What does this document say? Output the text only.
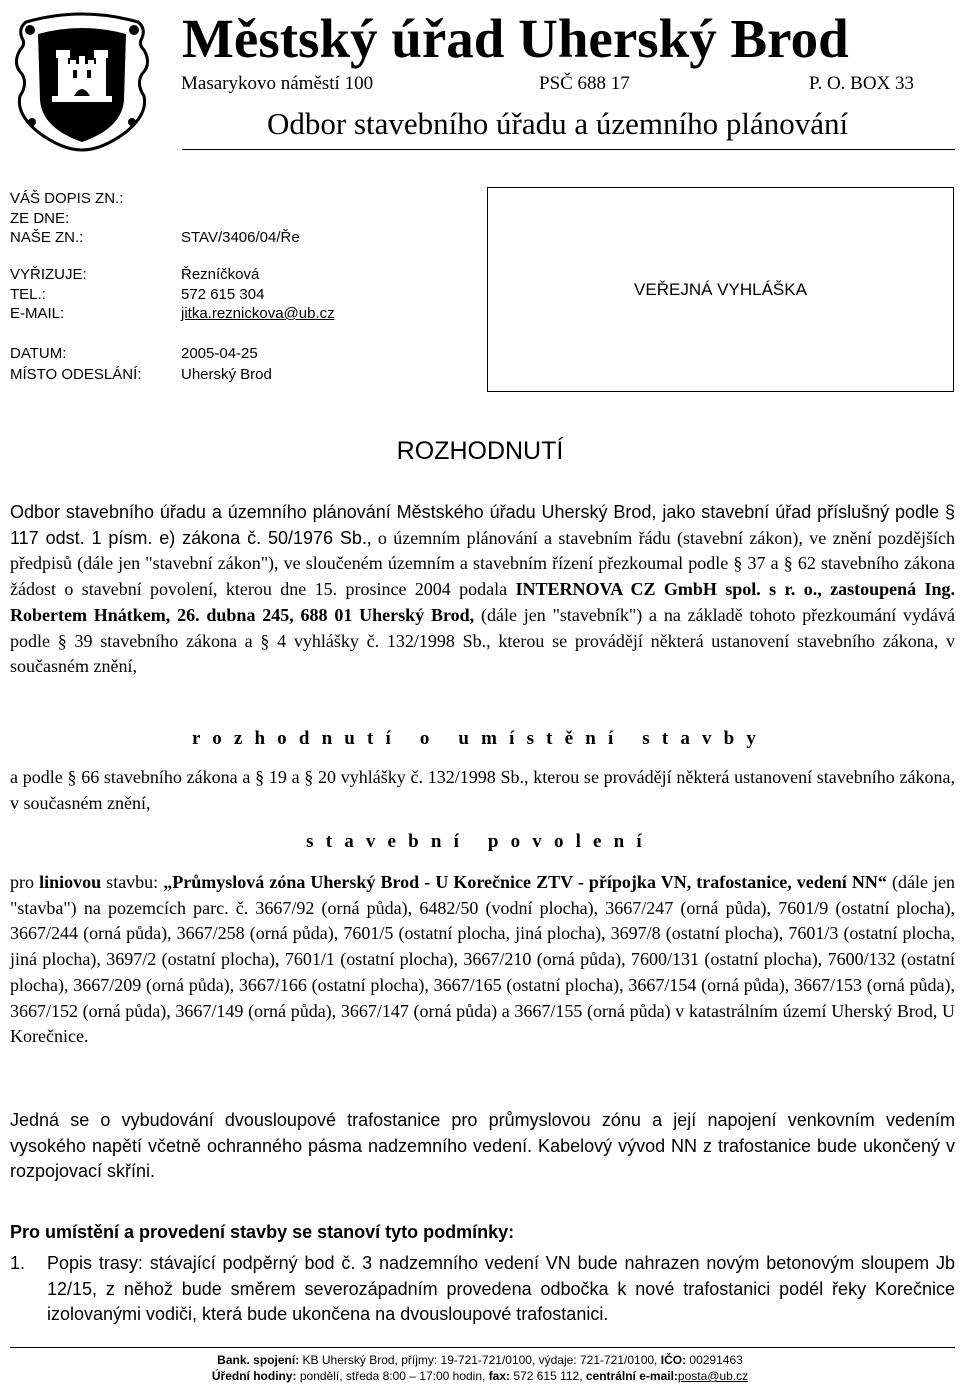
Městský úřad Uherský Brod
Masarykovo náměstí 100	PSČ 688 17	P. O. BOX 33
Odbor stavebního úřadu a územního plánování
VÁŠ DOPIS ZN.:
ZE DNE:
NAŠE ZN.:	STAV/3406/04/Ře
VYŘIZUJE:	Řezníčková
TEL.:	572 615 304
E-MAIL:	jitka.reznickova@ub.cz
DATUM:	2005-04-25
MÍSTO ODESLÁNÍ:	Uherský Brod
VEŘEJNÁ VYHLÁŠKA
ROZHODNUTÍ
Odbor stavebního úřadu a územního plánování Městského úřadu Uherský Brod, jako stavební úřad příslušný podle § 117 odst. 1 písm. e) zákona č. 50/1976 Sb., o územním plánování a stavebním řádu (stavební zákon), ve znění pozdějších předpisů (dále jen "stavební zákon"), ve sloučeném územním a stavebním řízení přezkoumal podle § 37 a § 62 stavebního zákona žádost o stavební povolení, kterou dne 15. prosince 2004 podala INTERNOVA CZ GmbH spol. s r. o., zastoupená Ing. Robertem Hnátkem, 26. dubna 245, 688 01 Uherský Brod, (dále jen "stavebník") a na základě tohoto přezkoumání vydává podle § 39 stavebního zákona a § 4 vyhlášky č. 132/1998 Sb., kterou se provádějí některá ustanovení stavebního zákona, v současném znění,
rozhodnutí o umístění stavby
a podle § 66 stavebního zákona a § 19 a § 20 vyhlášky č. 132/1998 Sb., kterou se provádějí některá ustanovení stavebního zákona, v současném znění,
stavební povolení
pro liniovou stavbu: „Průmyslová zóna Uherský Brod - U Korečnice ZTV - přípojka VN, trafostanice, vedení NN“ (dále jen "stavba") na pozemcích parc. č. 3667/92 (orná půda), 6482/50 (vodní plocha), 3667/247 (orná půda), 7601/9 (ostatní plocha), 3667/244 (orná půda), 3667/258 (orná půda), 7601/5 (ostatní plocha, jiná plocha), 3697/8 (ostatní plocha), 7601/3 (ostatní plocha, jiná plocha), 3697/2 (ostatní plocha), 7601/1 (ostatní plocha), 3667/210 (orná půda), 7600/131 (ostatní plocha), 7600/132 (ostatní plocha), 3667/209 (orná půda), 3667/166 (ostatní plocha), 3667/165 (ostatní plocha), 3667/154 (orná půda), 3667/153 (orná půda), 3667/152 (orná půda), 3667/149 (orná půda), 3667/147 (orná půda) a 3667/155 (orná půda) v katastrálním území Uherský Brod, U Korečnice.
Jedná se o vybudování dvousloupové trafostanice pro průmyslovou zónu a její napojení venkovním vedením vysokého napětí včetně ochranného pásma nadzemního vedení. Kabelový vývod NN z trafostanice bude ukončený v rozpojovací skříni.
Pro umístění a provedení stavby se stanoví tyto podmínky:
1. Popis trasy: stávající podpěrný bod č. 3 nadzemního vedení VN bude nahrazen novým betonovým sloupem Jb 12/15, z něhož bude směrem severozápadním provedena odbočka k nové trafostanici podél řeky Korečnice izolovanými vodiči, která bude ukončena na dvousloupové trafostanici.
Bank. spojení: KB Uherský Brod, příjmy: 19-721-721/0100, výdaje: 721-721/0100, IČO: 00291463
Úřední hodiny: pondělí, středa 8:00 – 17:00 hodin, fax: 572 615 112, centrální e-mail:posta@ub.cz
